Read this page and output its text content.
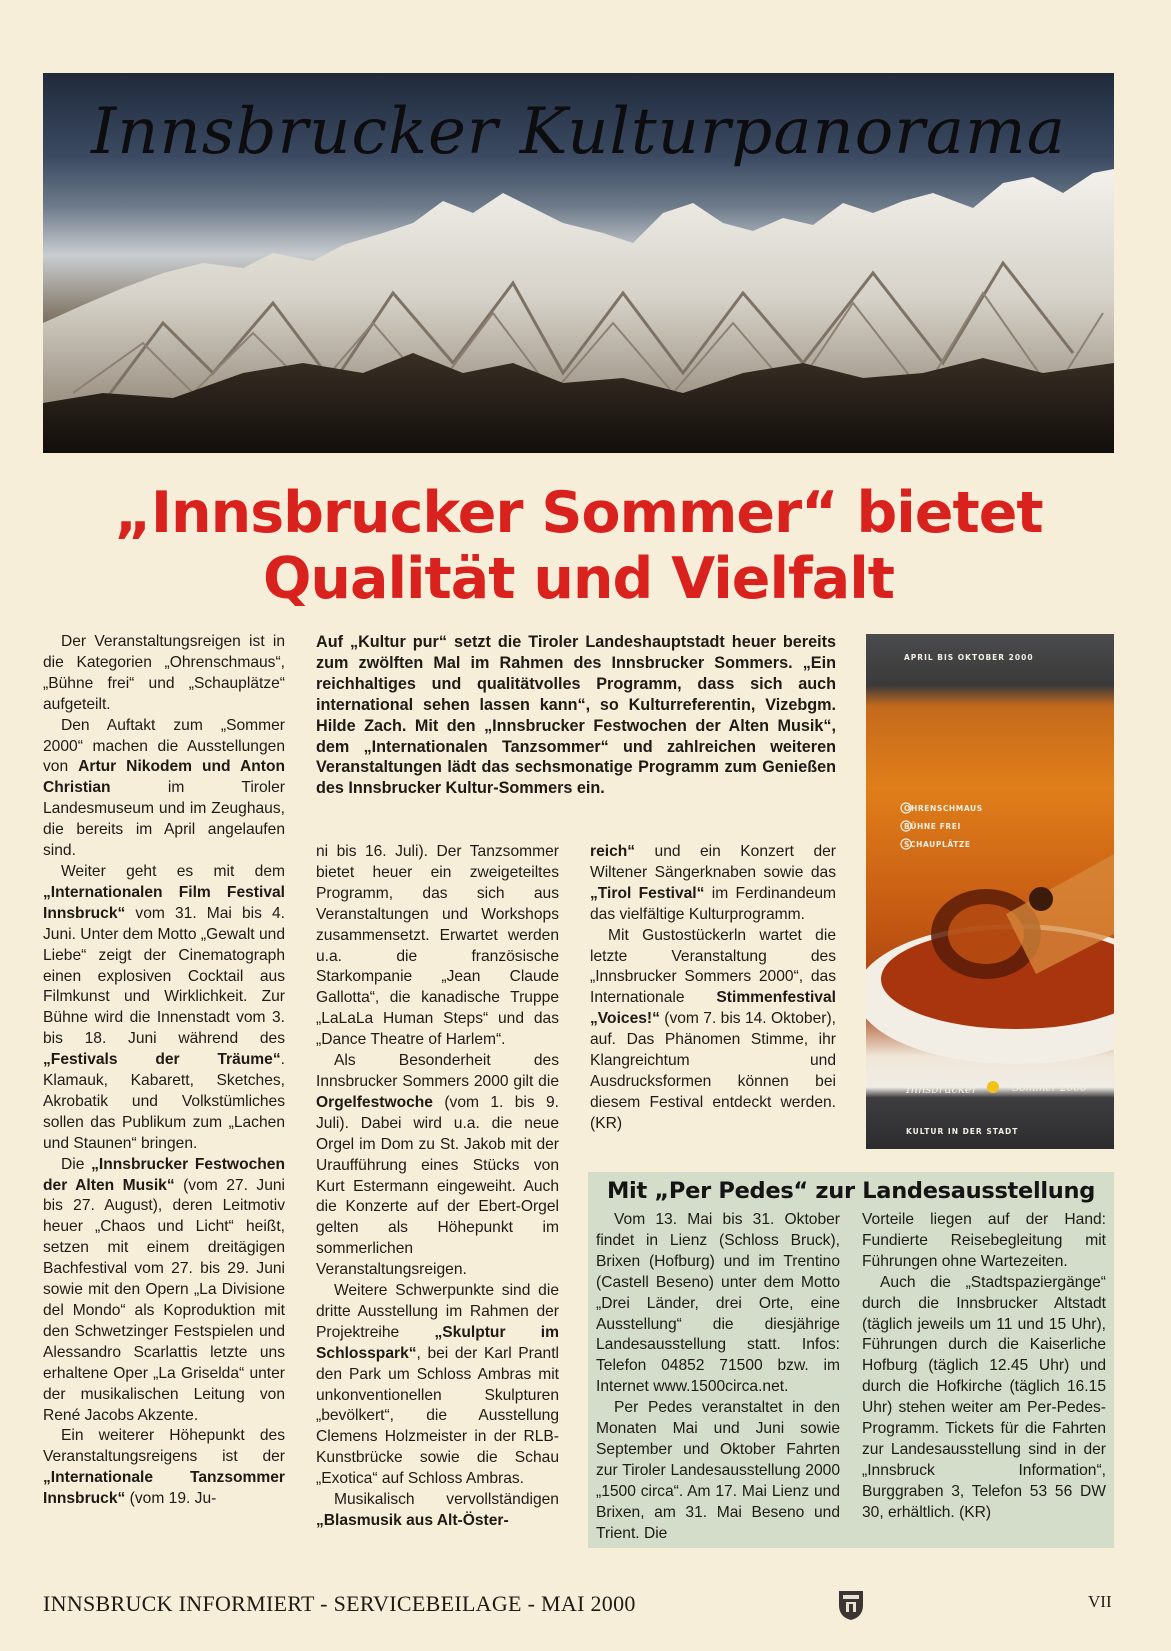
Innsbrucker Kulturpanorama
„Innsbrucker Sommer“ bietet
Qualität und Vielfalt

Der Veranstaltungsreigen ist in die Kategorien „Ohrenschmaus“, „Bühne frei“ und „Schauplätze“ aufgeteilt.

Den Auftakt zum „Sommer 2000“ machen die Ausstellungen von Artur Nikodem und Anton Christian im Tiroler Landesmuseum und im Zeughaus, die bereits im April angelaufen sind.

Weiter geht es mit dem „Internationalen Film Festival Innsbruck“ vom 31. Mai bis 4. Juni. Unter dem Motto „Gewalt und Liebe“ zeigt der Cinematograph einen explosiven Cocktail aus Filmkunst und Wirklichkeit. Zur Bühne wird die Innenstadt vom 3. bis 18. Juni während des „Festivals der Träume“. Klamauk, Kabarett, Sketches, Akrobatik und Volkstümliches sollen das Publikum zum „Lachen und Staunen“ bringen.

Die „Innsbrucker Festwochen der Alten Musik“ (vom 27. Juni bis 27. August), deren Leitmotiv heuer „Chaos und Licht“ heißt, setzen mit einem dreitägigen Bachfestival vom 27. bis 29. Juni sowie mit den Opern „La Divisione del Mondo“ als Koproduktion mit den Schwetzinger Festspielen und Alessandro Scarlattis letzte uns erhaltene Oper „La Griselda“ unter der musikalischen Leitung von René Jacobs Akzente.

Ein weiterer Höhepunkt des Veranstaltungsreigens ist der „Internationale Tanzsommer Innsbruck“ (vom 19. Ju-

Auf „Kultur pur“ setzt die Tiroler Landeshauptstadt heuer bereits zum zwölften Mal im Rahmen des Innsbrucker Sommers. „Ein reichhaltiges und qualitätvolles Programm, dass sich auch international sehen lassen kann“, so Kulturreferentin, Vizebgm. Hilde Zach. Mit den „Innsbrucker Festwochen der Alten Musik“, dem „Internationalen Tanzsommer“ und zahlreichen weiteren Veranstaltungen lädt das sechsmonatige Programm zum Genießen des Innsbrucker Kultur-Sommers ein.

ni bis 16. Juli). Der Tanzsommer bietet heuer ein zweigeteiltes Programm, das sich aus Veranstaltungen und Workshops zusammensetzt. Erwartet werden u.a. die französische Starkompanie „Jean Claude Gallotta“, die kanadische Truppe „LaLaLa Human Steps“ und das „Dance Theatre of Harlem“.

Als Besonderheit des Innsbrucker Sommers 2000 gilt die Orgelfestwoche (vom 1. bis 9. Juli). Dabei wird u.a. die neue Orgel im Dom zu St. Jakob mit der Uraufführung eines Stücks von Kurt Estermann eingeweiht. Auch die Konzerte auf der Ebert-Orgel gelten als Höhepunkt im sommerlichen Veranstaltungsreigen.

Weitere Schwerpunkte sind die dritte Ausstellung im Rahmen der Projektreihe „Skulptur im Schlosspark“, bei der Karl Prantl den Park um Schloss Ambras mit unkonventionellen Skulpturen „bevölkert“, die Ausstellung Clemens Holzmeister in der RLB-Kunstbrücke sowie die Schau „Exotica“ auf Schloss Ambras.

Musikalisch vervollständigen „Blasmusik aus Alt-Öster-

reich“ und ein Konzert der Wiltener Sängerknaben sowie das „Tirol Festival“ im Ferdinandeum das vielfältige Kulturprogramm.

Mit Gustostückerln wartet die letzte Veranstaltung des „Innsbrucker Sommers 2000“, das Internationale Stimmenfestival „Voices!“ (vom 7. bis 14. Oktober), auf. Das Phänomen Stimme, ihr Klangreichtum und Ausdrucksformen können bei diesem Festival entdeckt werden. (KR)

APRIL BIS OKTOBER 2000
OHRENSCHMAUS
BÜHNE FREI
SCHAUPLÄTZE
Innsbrucker	Sommer 2000
KULTUR IN DER STADT
Mit „Per Pedes“ zur Landesausstellung

Vom 13. Mai bis 31. Oktober findet in Lienz (Schloss Bruck), Brixen (Hofburg) und im Trentino (Castell Beseno) unter dem Motto „Drei Länder, drei Orte, eine Ausstellung“ die diesjährige Landesausstellung statt. Infos: Telefon 04852 71500 bzw. im Internet www.1500circa.net.

Per Pedes veranstaltet in den Monaten Mai und Juni sowie September und Oktober Fahrten zur Tiroler Landesausstellung 2000 „1500 circa“. Am 17. Mai Lienz und Brixen, am 31. Mai Beseno und Trient. Die

Vorteile liegen auf der Hand: Fundierte Reisebegleitung mit Führungen ohne Wartezeiten.

Auch die „Stadtspaziergänge“ durch die Innsbrucker Altstadt (täglich jeweils um 11 und 15 Uhr), Führungen durch die Kaiserliche Hofburg (täglich 12.45 Uhr) und durch die Hofkirche (täglich 16.15 Uhr) stehen weiter am Per-Pedes-Programm. Tickets für die Fahrten zur Landesausstellung sind in der „Innsbruck Information“, Burggraben 3, Telefon 53 56 DW 30, erhältlich. (KR)

INNSBRUCK INFORMIERT - SERVICEBEILAGE - MAI 2000	VII
